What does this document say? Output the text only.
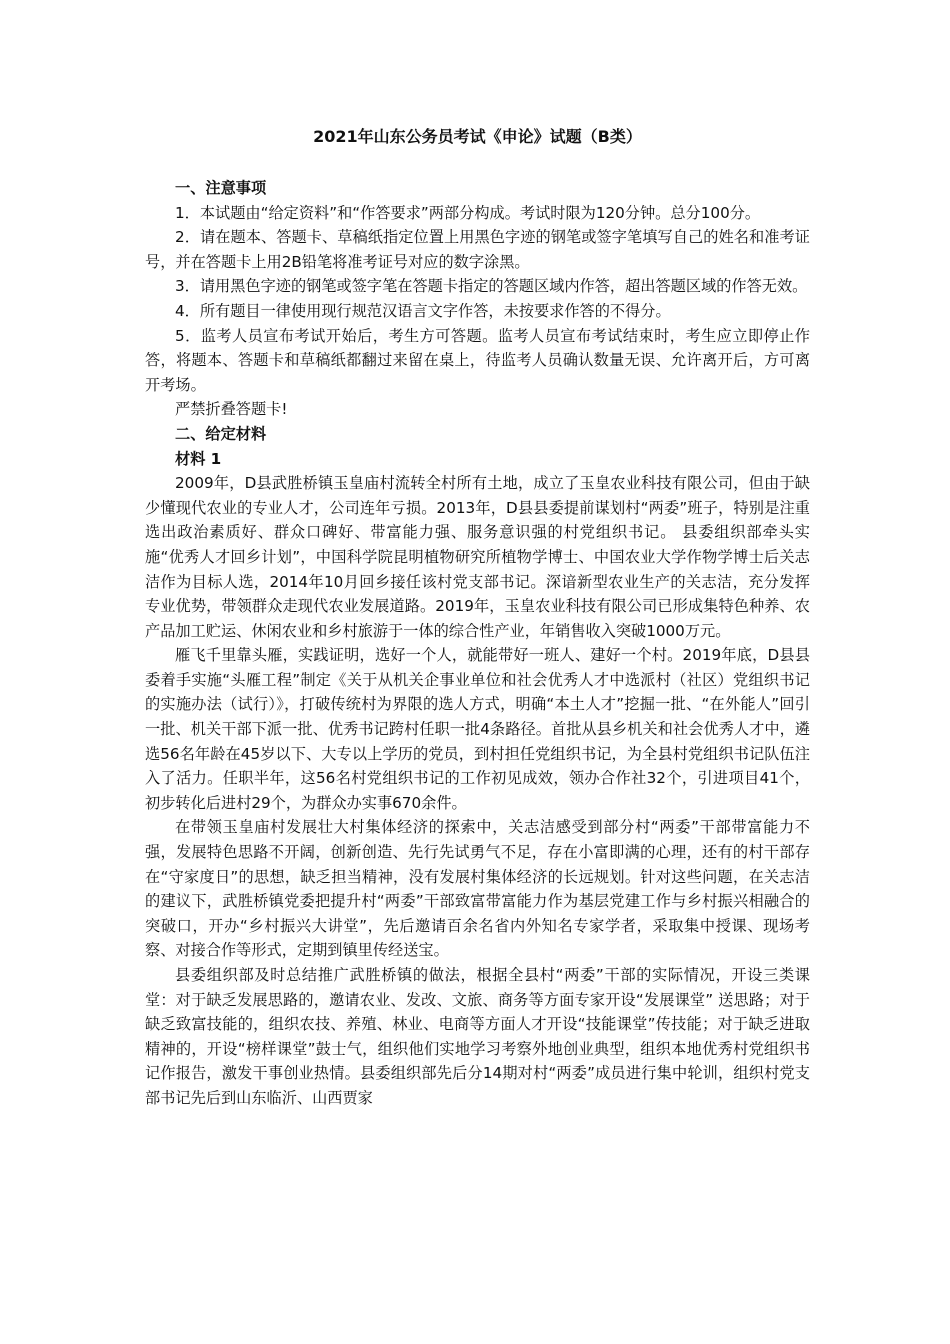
2021年山东公务员考试《申论》试题（B类）

一、注意事项

1．本试题由“给定资料”和“作答要求”两部分构成。考试时限为120分钟。总分100分。

2．请在题本、答题卡、草稿纸指定位置上用黑色字迹的钢笔或签字笔填写自己的姓名和准考证号，并在答题卡上用2B铅笔将准考证号对应的数字涂黑。

3．请用黑色字迹的钢笔或签字笔在答题卡指定的答题区域内作答，超出答题区域的作答无效。

4．所有题目一律使用现行规范汉语言文字作答，未按要求作答的不得分。

5．监考人员宣布考试开始后，考生方可答题。监考人员宣布考试结束时，考生应立即停止作答，将题本、答题卡和草稿纸都翻过来留在桌上，待监考人员确认数量无误、允许离开后，方可离开考场。

严禁折叠答题卡!

二、给定材料

材料 1

2009年，D县武胜桥镇玉皇庙村流转全村所有土地，成立了玉皇农业科技有限公司，但由于缺少懂现代农业的专业人才，公司连年亏损。2013年，D县县委提前谋划村“两委”班子，特别是注重选出政治素质好、群众口碑好、带富能力强、服务意识强的村党组织书记。 县委组织部牵头实施“优秀人才回乡计划”，中国科学院昆明植物研究所植物学博士、中国农业大学作物学博士后关志洁作为目标人选，2014年10月回乡接任该村党支部书记。深谙新型农业生产的关志洁，充分发挥专业优势，带领群众走现代农业发展道路。2019年，玉皇农业科技有限公司已形成集特色种养、农产品加工贮运、休闲农业和乡村旅游于一体的综合性产业，年销售收入突破1000万元。

雁飞千里靠头雁，实践证明，选好一个人，就能带好一班人、建好一个村。2019年底，D县县委着手实施“头雁工程”制定《关于从机关企事业单位和社会优秀人才中选派村（社区）党组织书记的实施办法（试行）》，打破传统村为界限的选人方式，明确“本土人才”挖掘一批、“在外能人”回引一批、机关干部下派一批、优秀书记跨村任职一批4条路径。首批从县乡机关和社会优秀人才中，遴选56名年龄在45岁以下、大专以上学历的党员，到村担任党组织书记，为全县村党组织书记队伍注入了活力。任职半年，这56名村党组织书记的工作初见成效，领办合作社32个，引进项目41个，初步转化后进村29个，为群众办实事670余件。

在带领玉皇庙村发展壮大村集体经济的探索中，关志洁感受到部分村“两委”干部带富能力不强，发展特色思路不开阔，创新创造、先行先试勇气不足，存在小富即满的心理，还有的村干部存在“守家度日”的思想，缺乏担当精神，没有发展村集体经济的长远规划。针对这些问题，在关志洁的建议下，武胜桥镇党委把提升村“两委”干部致富带富能力作为基层党建工作与乡村振兴相融合的突破口，开办“乡村振兴大讲堂”，先后邀请百余名省内外知名专家学者，采取集中授课、现场考察、对接合作等形式，定期到镇里传经送宝。

县委组织部及时总结推广武胜桥镇的做法，根据全县村“两委”干部的实际情况，开设三类课堂：对于缺乏发展思路的，邀请农业、发改、文旅、商务等方面专家开设“发展课堂” 送思路；对于缺乏致富技能的，组织农技、养殖、林业、电商等方面人才开设“技能课堂”传技能；对于缺乏进取精神的，开设“榜样课堂”鼓士气，组织他们实地学习考察外地创业典型，组织本地优秀村党组织书记作报告，激发干事创业热情。县委组织部先后分14期对村“两委”成员进行集中轮训，组织村党支部书记先后到山东临沂、山西贾家
